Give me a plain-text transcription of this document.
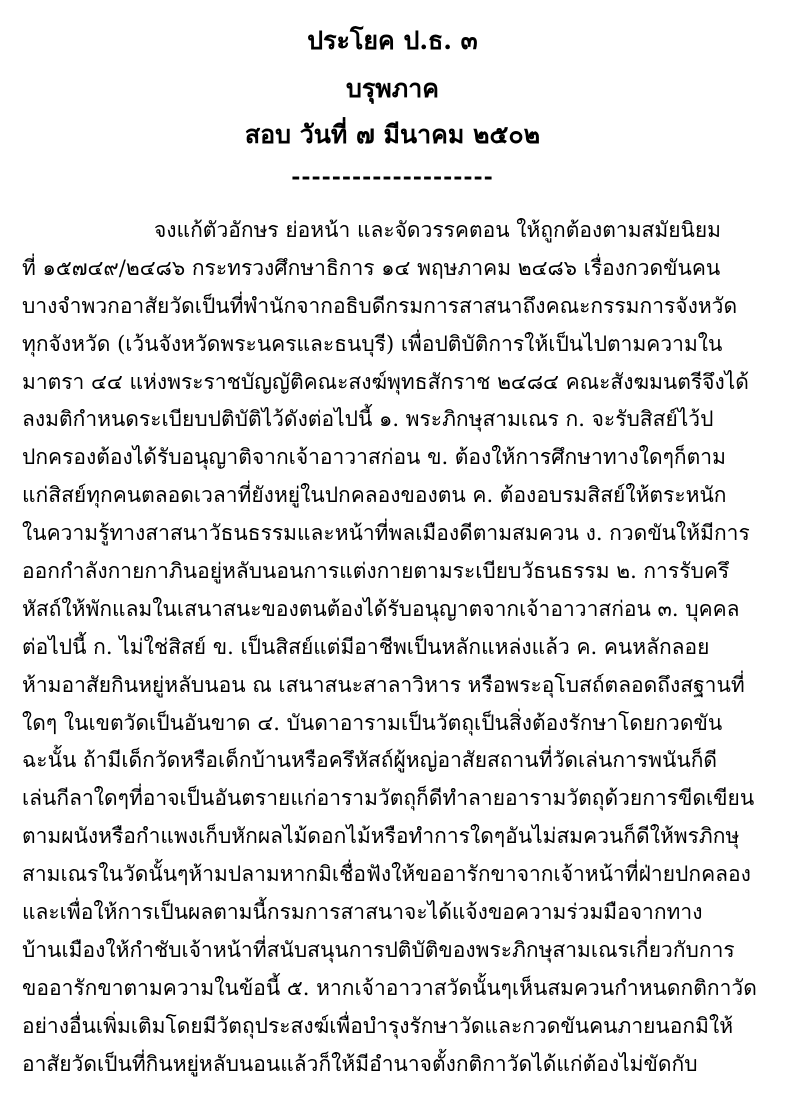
ประโยค ป.ธ. ๓
บรุพภาค
สอบ วันที่ ๗ มีนาคม ๒๕๐๒
--------------------
จงแก้ตัวอักษร ย่อหน้า และจัดวรรคตอน ให้ถูกต้องตามสมัยนิยม
ที่ ๑๕๗๔๙/๒๔๘๖ กระทรวงศึกษาธิการ ๑๔ พฤษภาคม ๒๔๘๖ เรื่องกวดขันคน
บางจำพวกอาสัยวัดเป็นที่พำนักจากอธิบดีกรมการสาสนาถึงคณะกรรมการจังหวัด
ทุกจังหวัด (เว้นจังหวัดพระนครและธนบุรี) เพื่อปติบัติการให้เป็นไปตามความใน
มาตรา ๔๔ แห่งพระราชบัญญัติคณะสงฆ์พุทธสักราช ๒๔๘๔ คณะสังฆมนตรีจึงได้
ลงมติกำหนดระเบียบปติบัติไว้ดังต่อไปนี้ ๑. พระภิกษุสามเณร ก. จะรับสิสย์ไว้ป
ปกครองต้องได้รับอนุญาติจากเจ้าอาวาสก่อน ข. ต้องให้การศึกษาทางใดๆก็ตาม
แก่สิสย์ทุกคนตลอดเวลาที่ยังหยู่ในปกคลองของตน ค. ต้องอบรมสิสย์ให้ตระหนัก
ในความรู้ทางสาสนาวัธนธรรมและหน้าที่พลเมืองดีตามสมควน ง. กวดขันให้มีการ
ออกกำลังกายกาภินอยู่หลับนอนการแต่งกายตามระเบียบวัธนธรรม ๒. การรับครึ
หัสถ์ให้พักแลมในเสนาสนะของตนต้องได้รับอนุญาตจากเจ้าอาวาสก่อน ๓. บุคคล
ต่อไปนี้ ก. ไม่ใช่สิสย์ ข. เป็นสิสย์แต่มีอาชีพเป็นหลักแหล่งแล้ว ค. คนหลักลอย
ห้ามอาสัยกินหยู่หลับนอน ณ เสนาสนะสาลาวิหาร หรือพระอุโบสถ์ตลอดถึงสฐานที่
ใดๆ ในเขตวัดเป็นอันขาด ๔. บันดาอารามเป็นวัตถุเป็นสิ่งต้องรักษาโดยกวดขัน
ฉะนั้น ถ้ามีเด็กวัดหรือเด็กบ้านหรือครึหัสถ์ผู้หญ่อาสัยสถานที่วัดเล่นการพนันก็ดี
เล่นกีลาใดๆที่อาจเป็นอันตรายแก่อารามวัตถุก็ดีทำลายอารามวัตถุด้วยการขีดเขียน
ตามผนังหรือกำแพงเก็บหักผลไม้ดอกไม้หรือทำการใดๆอันไม่สมควนก็ดีให้พรภิกษุ
สามเณรในวัดนั้นๆห้ามปลามหากมิเชื่อฟังให้ขออารักขาจากเจ้าหน้าที่ฝ่ายปกคลอง
และเพื่อให้การเป็นผลตามนี้กรมการสาสนาจะได้แจ้งขอความร่วมมือจากทาง
บ้านเมืองให้กำชับเจ้าหน้าที่สนับสนุนการปติบัติของพระภิกษุสามเณรเกี่ยวกับการ
ขออารักขาตามความในข้อนี้ ๕. หากเจ้าอาวาสวัดนั้นๆเห็นสมควนกำหนดกติกาวัด
อย่างอื่นเพิ่มเติมโดยมีวัตถุประสงฆ์เพื่อบำรุงรักษาวัดและกวดขันคนภายนอกมิให้
อาสัยวัดเป็นที่กินหยู่หลับนอนแล้วก็ให้มีอำนาจตั้งกติกาวัดได้แก่ต้องไม่ขัดกับ
